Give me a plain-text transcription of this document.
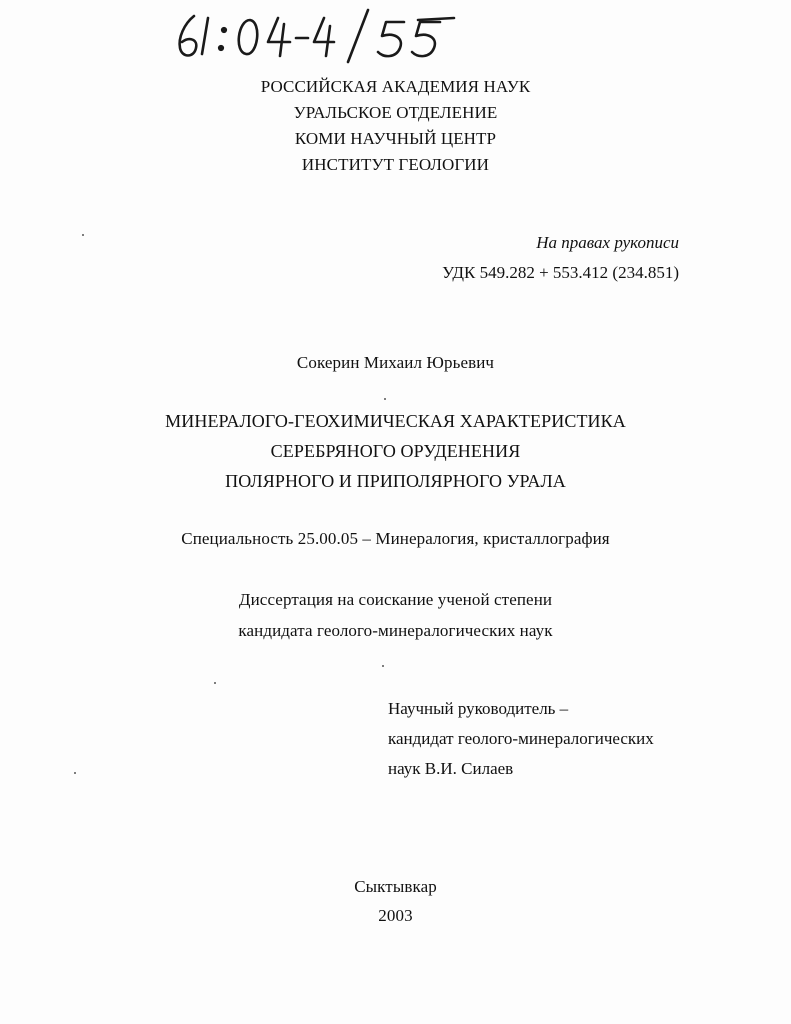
РОССИЙСКАЯ АКАДЕМИЯ НАУК
УРАЛЬСКОЕ ОТДЕЛЕНИЕ
КОМИ НАУЧНЫЙ ЦЕНТР
ИНСТИТУТ ГЕОЛОГИИ
На правах рукописи
УДК 549.282 + 553.412 (234.851)
Сокерин Михаил Юрьевич
МИНЕРАЛОГО-ГЕОХИМИЧЕСКАЯ ХАРАКТЕРИСТИКА
СЕРЕБРЯНОГО ОРУДЕНЕНИЯ
ПОЛЯРНОГО И ПРИПОЛЯРНОГО УРАЛА
Специальность 25.00.05 – Минералогия, кристаллография
Диссертация на соискание ученой степени
кандидата геолого-минералогических наук
Научный руководитель –
кандидат геолого-минералогических
наук В.И. Силаев
Сыктывкар
2003
